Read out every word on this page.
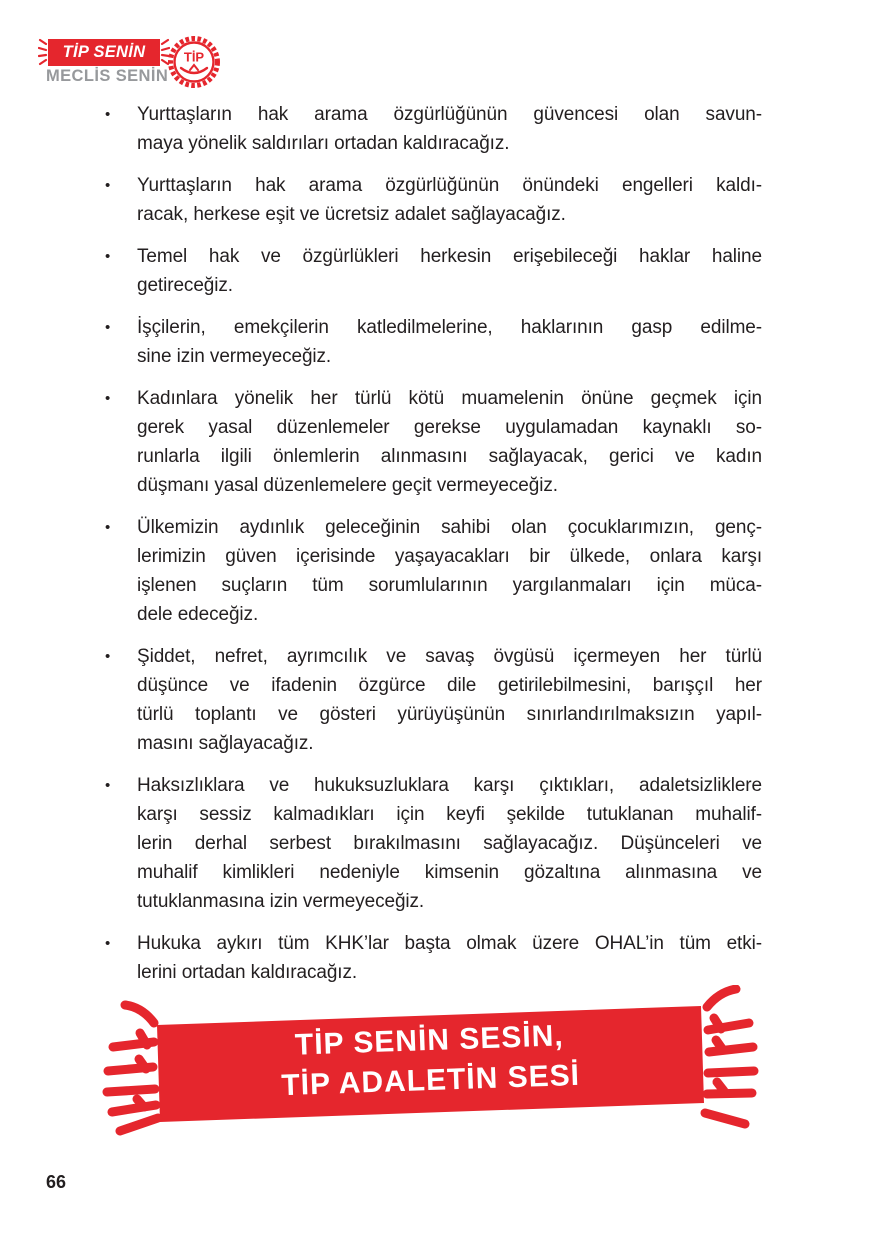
TİP SENİN
MECLİS SENİN
TİP
•	Yurttaşların hak arama özgürlüğünün güvencesi olan savun-
maya yönelik saldırıları ortadan kaldıracağız.
•	Yurttaşların hak arama özgürlüğünün önündeki engelleri kaldı-
racak, herkese eşit ve ücretsiz adalet sağlayacağız.
•	Temel hak ve özgürlükleri herkesin erişebileceği haklar haline
getireceğiz.
•	İşçilerin, emekçilerin katledilmelerine, haklarının gasp edilme-
sine izin vermeyeceğiz.
•	Kadınlara yönelik her türlü kötü muamelenin önüne geçmek için
gerek yasal düzenlemeler gerekse uygulamadan kaynaklı so-
runlarla ilgili önlemlerin alınmasını sağlayacak, gerici ve kadın
düşmanı yasal düzenlemelere geçit vermeyeceğiz.
•	Ülkemizin aydınlık geleceğinin sahibi olan çocuklarımızın, genç-
lerimizin güven içerisinde yaşayacakları bir ülkede, onlara karşı
işlenen suçların tüm sorumlularının yargılanmaları için müca-
dele edeceğiz.
•	Şiddet, nefret, ayrımcılık ve savaş övgüsü içermeyen her türlü
düşünce ve ifadenin özgürce dile getirilebilmesini, barışçıl her
türlü toplantı ve gösteri yürüyüşünün sınırlandırılmaksızın yapıl-
masını sağlayacağız.
•	Haksızlıklara ve hukuksuzluklara karşı çıktıkları, adaletsizliklere
karşı sessiz kalmadıkları için keyfi şekilde tutuklanan muhalif-
lerin derhal serbest bırakılmasını sağlayacağız. Düşünceleri ve
muhalif kimlikleri nedeniyle kimsenin gözaltına alınmasına ve
tutuklanmasına izin vermeyeceğiz.
•	Hukuka aykırı tüm KHK’lar başta olmak üzere OHAL’in tüm etki-
lerini ortadan kaldıracağız.
TİP SENİN SESİN,
TİP ADALETİN SESİ
66
